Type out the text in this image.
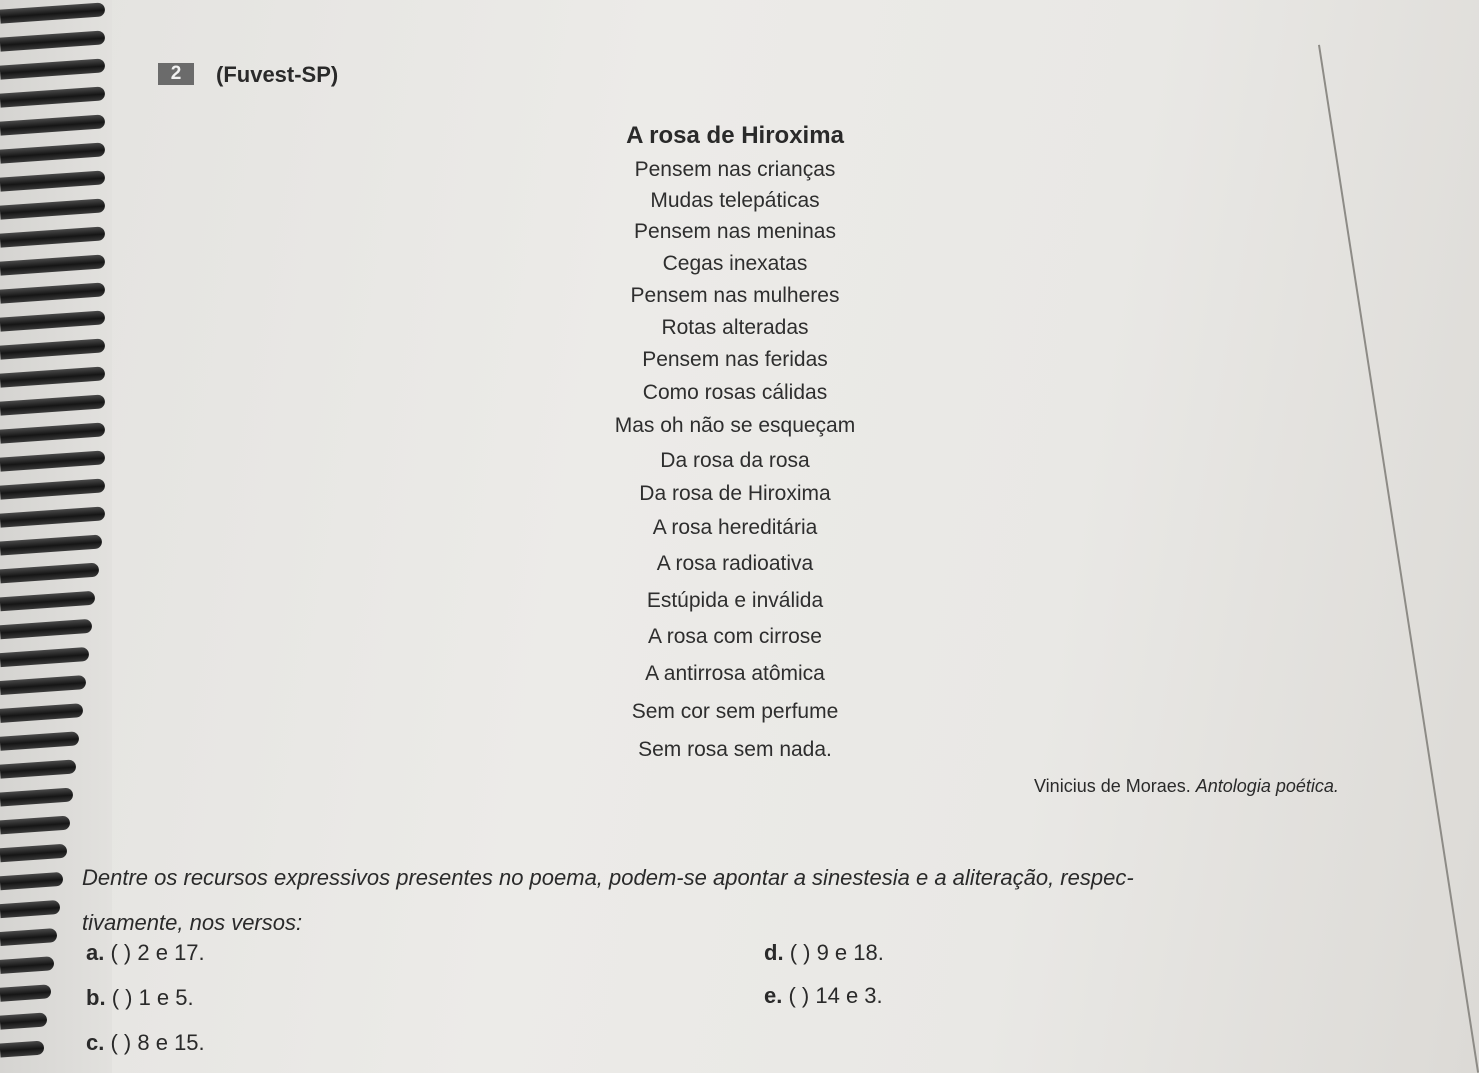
2	(Fuvest-SP)
A rosa de Hiroxima
Pensem nas crianças
Mudas telepáticas
Pensem nas meninas
Cegas inexatas
Pensem nas mulheres
Rotas alteradas
Pensem nas feridas
Como rosas cálidas
Mas oh não se esqueçam
Da rosa da rosa
Da rosa de Hiroxima
A rosa hereditária
A rosa radioativa
Estúpida e inválida
A rosa com cirrose
A antirrosa atômica
Sem cor sem perfume
Sem rosa sem nada.
Vinicius de Moraes. Antologia poética.
Dentre os recursos expressivos presentes no poema, podem-se apontar a sinestesia e a aliteração, respec-
tivamente, nos versos:
a. ( ) 2 e 17.
b. ( ) 1 e 5.
c. ( ) 8 e 15.
d. ( ) 9 e 18.
e. ( ) 14 e 3.
